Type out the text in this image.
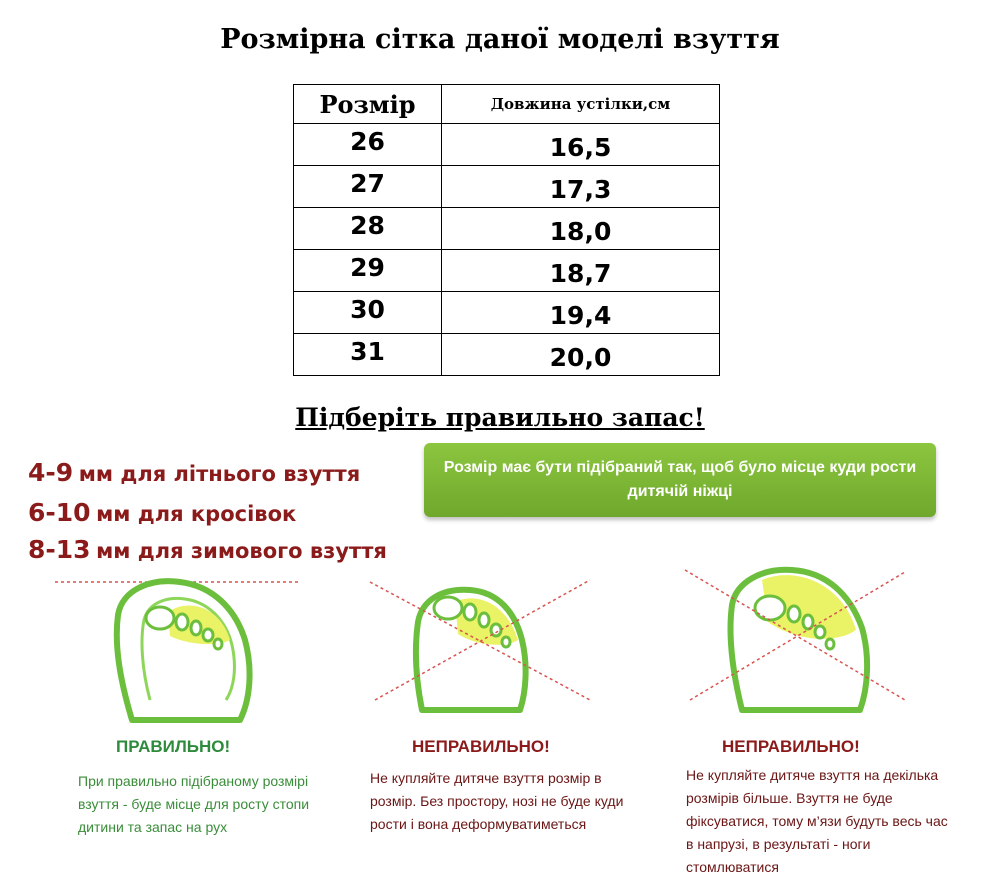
Розмірна сітка даної моделі взуття
Розмір	Довжина устілки,см
26	16,5
27	17,3
28	18,0
29	18,7
30	19,4
31	20,0
Підберіть правильно запас!
4-9 мм для літнього взуття
6-10 мм для кросівок
8-13 мм для зимового взуття
Розмір має бути підібраний так, щоб було місце куди рости дитячій ніжці
ПРАВИЛЬНО!
При правильно підібраному розмірі взуття - буде місце для росту стопи дитини та запас на рух
НЕПРАВИЛЬНО!
Не купляйте дитяче взуття розмір в розмір. Без простору, нозі не буде куди рости і вона деформуватиметься
НЕПРАВИЛЬНО!
Не купляйте дитяче взуття на декілька розмірів більше. Взуття не буде фіксуватися, тому м’язи будуть весь час в напрузі, в результаті - ноги стомлюватися
